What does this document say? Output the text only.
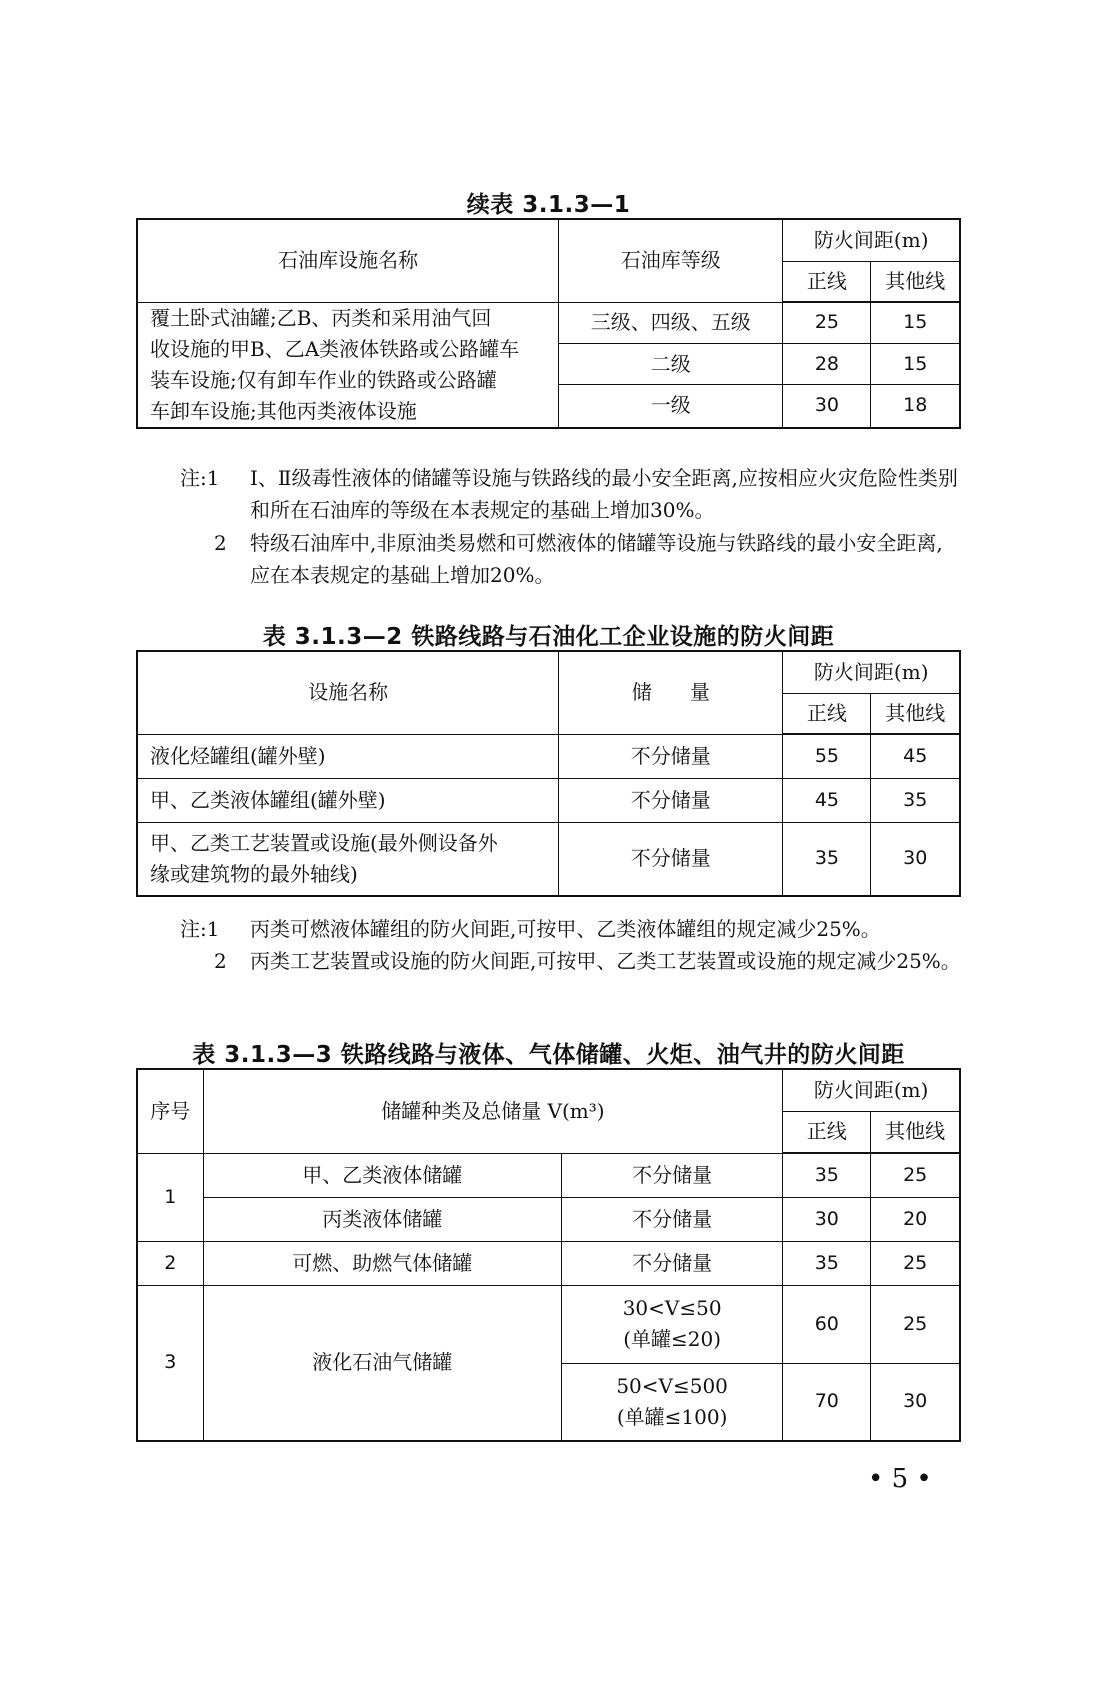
续表 3.1.3—1
石油库设施名称	石油库等级	防火间距(m)	
		正线	其他线

覆土卧式油罐;乙B、丙类和采用油气回
收设施的甲B、乙A类液体铁路或公路罐车
装车设施;仅有卸车作业的铁路或公路罐
车卸车设施;其他丙类液体设施	三级、四级、五级	25	15
	二级	28	15
	一级	30	18
注:1 Ⅰ、Ⅱ级毒性液体的储罐等设施与铁路线的最小安全距离,应按相应火灾危险性类别和所在石油库的等级在本表规定的基础上增加30%。
2 特级石油库中,非原油类易燃和可燃液体的储罐等设施与铁路线的最小安全距离,应在本表规定的基础上增加20%。
表 3.1.3—2 铁路线路与石油化工企业设施的防火间距
设施名称	储      量	防火间距(m)	
		正线	其他线
液化烃罐组(罐外壁)	不分储量	55	45
甲、乙类液体罐组(罐外壁)	不分储量	45	35

甲、乙类工艺装置或设施(最外侧设备外
缘或建筑物的最外轴线)	不分储量	35	30
注:1 丙类可燃液体罐组的防火间距,可按甲、乙类液体罐组的规定减少25%。
2 丙类工艺装置或设施的防火间距,可按甲、乙类工艺装置或设施的规定减少25%。
表 3.1.3—3 铁路线路与液体、气体储罐、火炬、油气井的防火间距
序号	储罐种类及总储量 V(m³)		防火间距(m)	
			正线	其他线
1	甲、乙类液体储罐	不分储量	35	25
	丙类液体储罐	不分储量	30	20
2	可燃、助燃气体储罐	不分储量	35	25
3	液化石油气储罐	30<V≤50
(单罐≤20)	60	25

		50<V≤500
(单罐≤100)	70	30
• 5 •
